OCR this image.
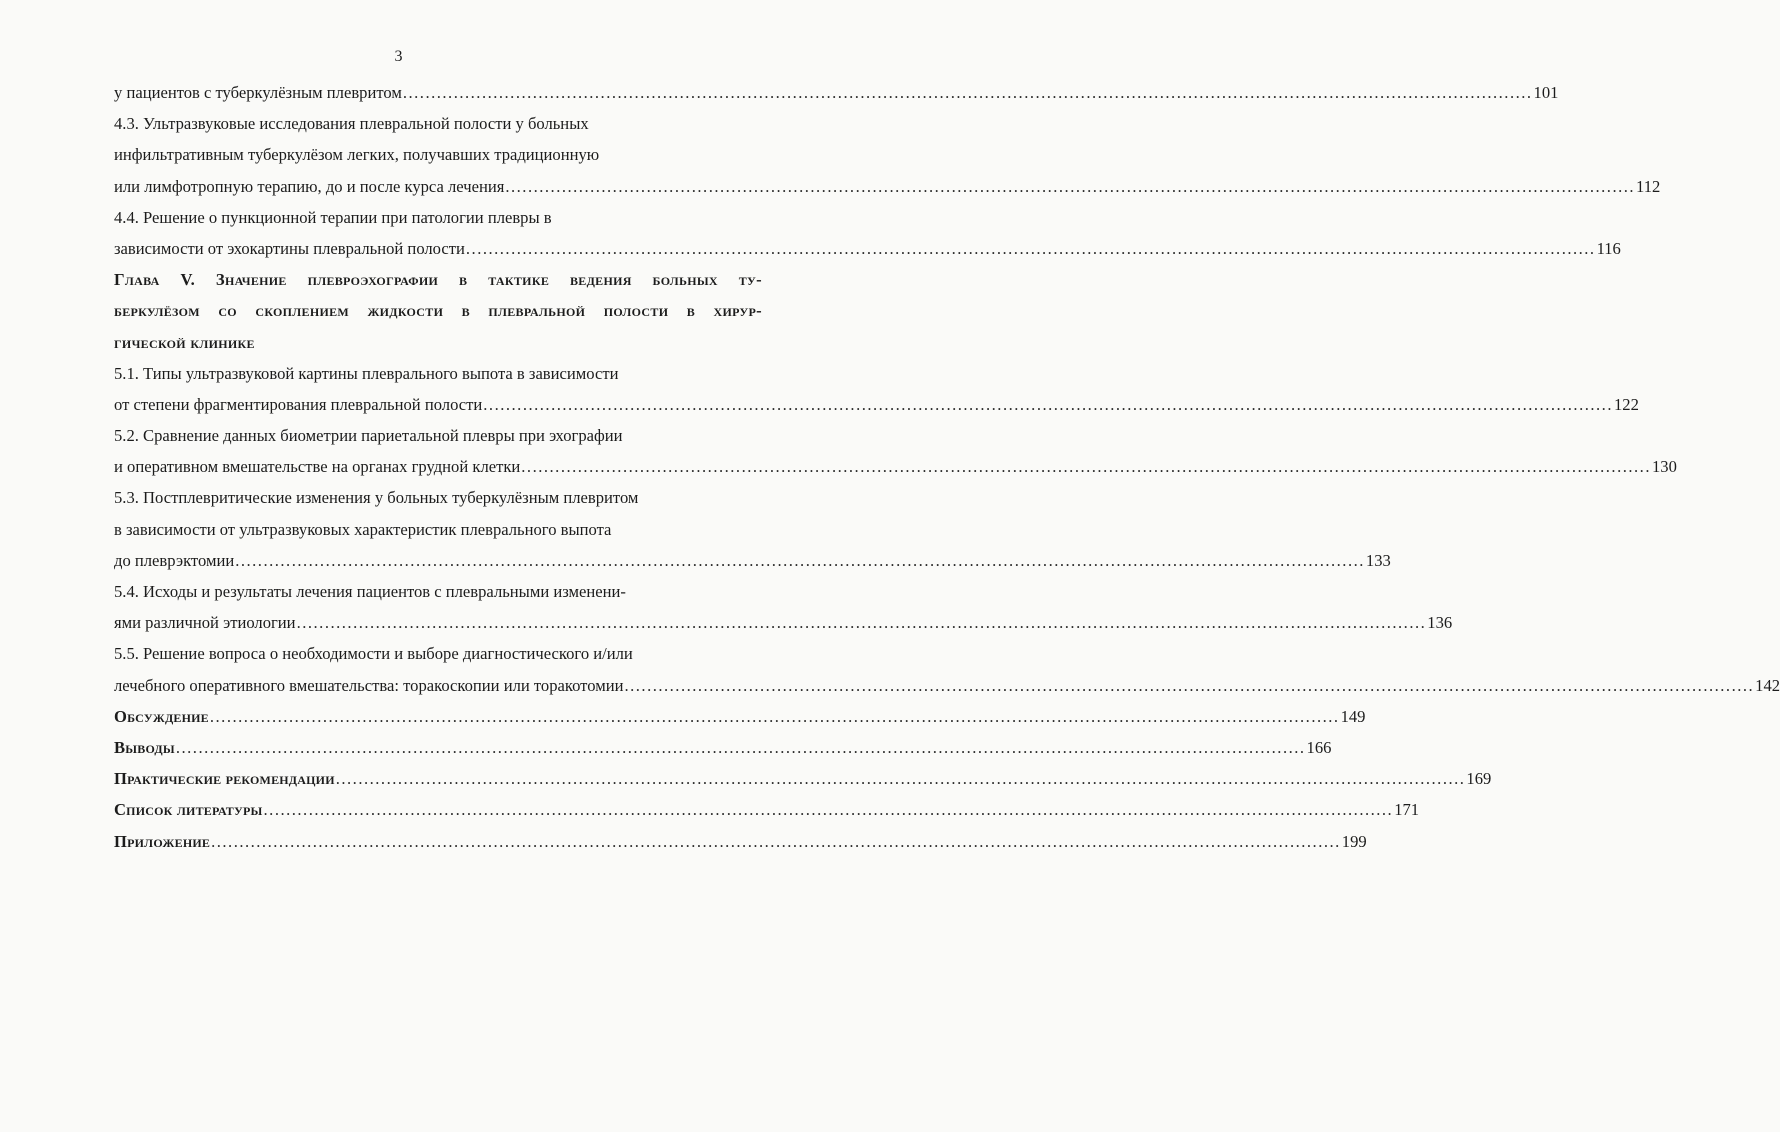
3
у пациентов с туберкулёзным плевритом ........................................................................................................................................................................................................ 101
4.3. Ультразвуковые исследования плевральной полости у больных
инфильтративным туберкулёзом легких, получавших традиционную
или лимфотропную терапию, до и после курса лечения ........................................................................................................................................................................................................ 112
4.4. Решение о пункционной терапии при патологии плевры в
зависимости от эхокартины плевральной полости ........................................................................................................................................................................................................ 116
Глава V. Значение плевроэхографии в тактике ведения больных ту-
беркулёзом со скоплением жидкости в плевральной полости в хирур-
гической клинике
5.1. Типы ультразвуковой картины плеврального выпота в зависимости
от степени фрагментирования плевральной полости ........................................................................................................................................................................................................ 122
5.2. Сравнение данных биометрии париетальной плевры при эхографии
и оперативном вмешательстве на органах грудной клетки ........................................................................................................................................................................................................ 130
5.3. Постплевритические изменения у больных туберкулёзным плевритом
в зависимости от ультразвуковых характеристик плеврального выпота
до плеврэктомии ........................................................................................................................................................................................................ 133
5.4. Исходы и результаты лечения пациентов с плевральными изменени-
ями различной этиологии ........................................................................................................................................................................................................ 136
5.5. Решение вопроса о необходимости и выборе диагностического и/или
лечебного оперативного вмешательства: торакоскопии или торакотомии ........................................................................................................................................................................................................ 142
Обсуждение ........................................................................................................................................................................................................ 149
Выводы ........................................................................................................................................................................................................ 166
Практические рекомендации ........................................................................................................................................................................................................ 169
Список литературы ........................................................................................................................................................................................................ 171
Приложение ........................................................................................................................................................................................................ 199
